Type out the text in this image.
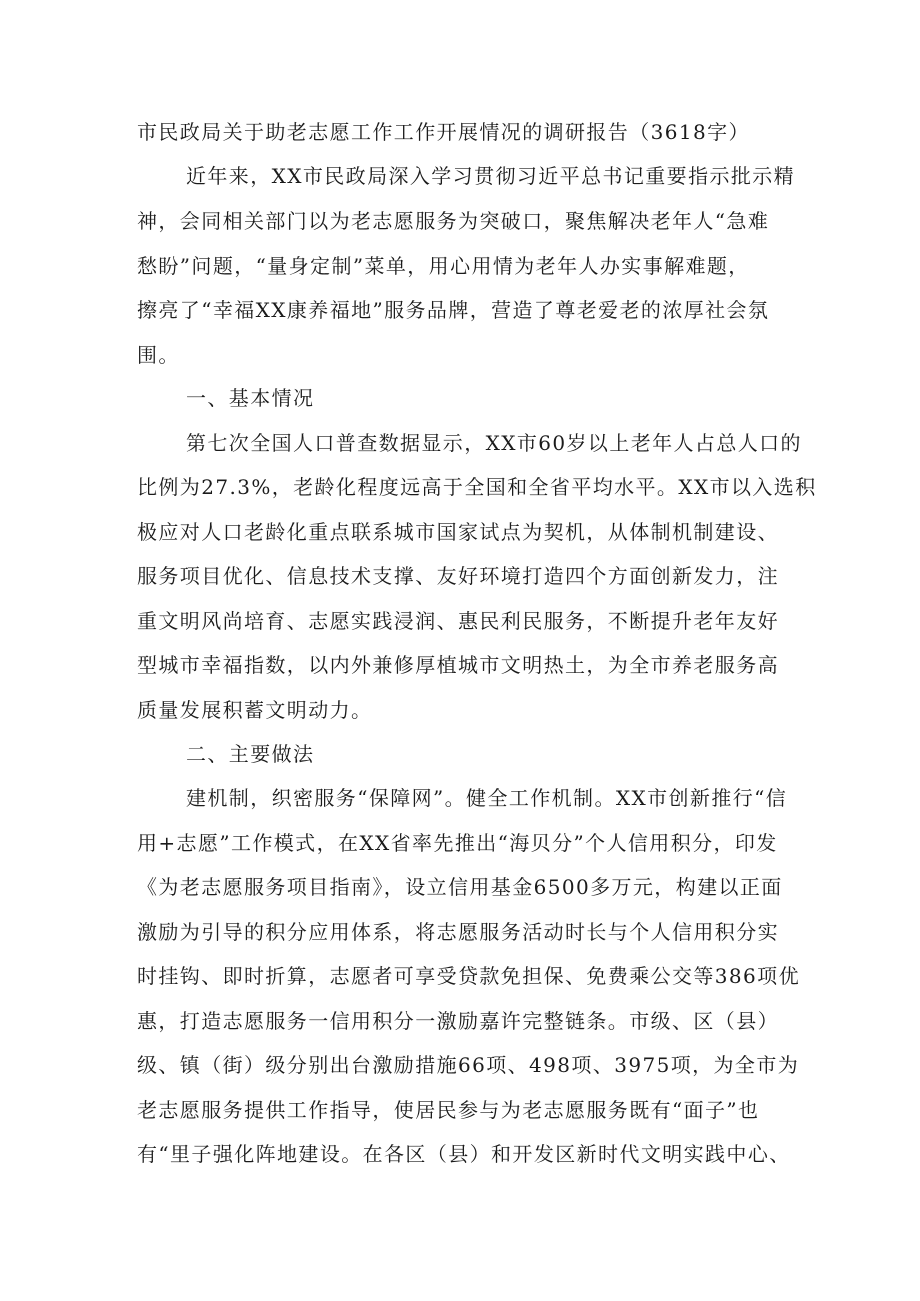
市民政局关于助老志愿工作工作开展情况的调研报告（3618字）
近年来，XX市民政局深入学习贯彻习近平总书记重要指示批示精
神，会同相关部门以为老志愿服务为突破口，聚焦解决老年人“急难
愁盼”问题，“量身定制”菜单，用心用情为老年人办实事解难题，
擦亮了“幸福XX康养福地”服务品牌，营造了尊老爱老的浓厚社会氛
围。
一、基本情况
第七次全国人口普查数据显示，XX市60岁以上老年人占总人口的
比例为27.3%，老龄化程度远高于全国和全省平均水平。XX市以入选积
极应对人口老龄化重点联系城市国家试点为契机，从体制机制建设、
服务项目优化、信息技术支撑、友好环境打造四个方面创新发力，注
重文明风尚培育、志愿实践浸润、惠民利民服务，不断提升老年友好
型城市幸福指数，以内外兼修厚植城市文明热土，为全市养老服务高
质量发展积蓄文明动力。
二、主要做法
建机制，织密服务“保障网”。健全工作机制。XX市创新推行“信
用+志愿”工作模式，在XX省率先推出“海贝分”个人信用积分，印发
《为老志愿服务项目指南》，设立信用基金6500多万元，构建以正面
激励为引导的积分应用体系，将志愿服务活动时长与个人信用积分实
时挂钩、即时折算，志愿者可享受贷款免担保、免费乘公交等386项优
惠，打造志愿服务一信用积分一激励嘉许完整链条。市级、区（县）
级、镇（街）级分别出台激励措施66项、498项、3975项，为全市为
老志愿服务提供工作指导，使居民参与为老志愿服务既有“面子”也
有“里子强化阵地建设。在各区（县）和开发区新时代文明实践中心、
